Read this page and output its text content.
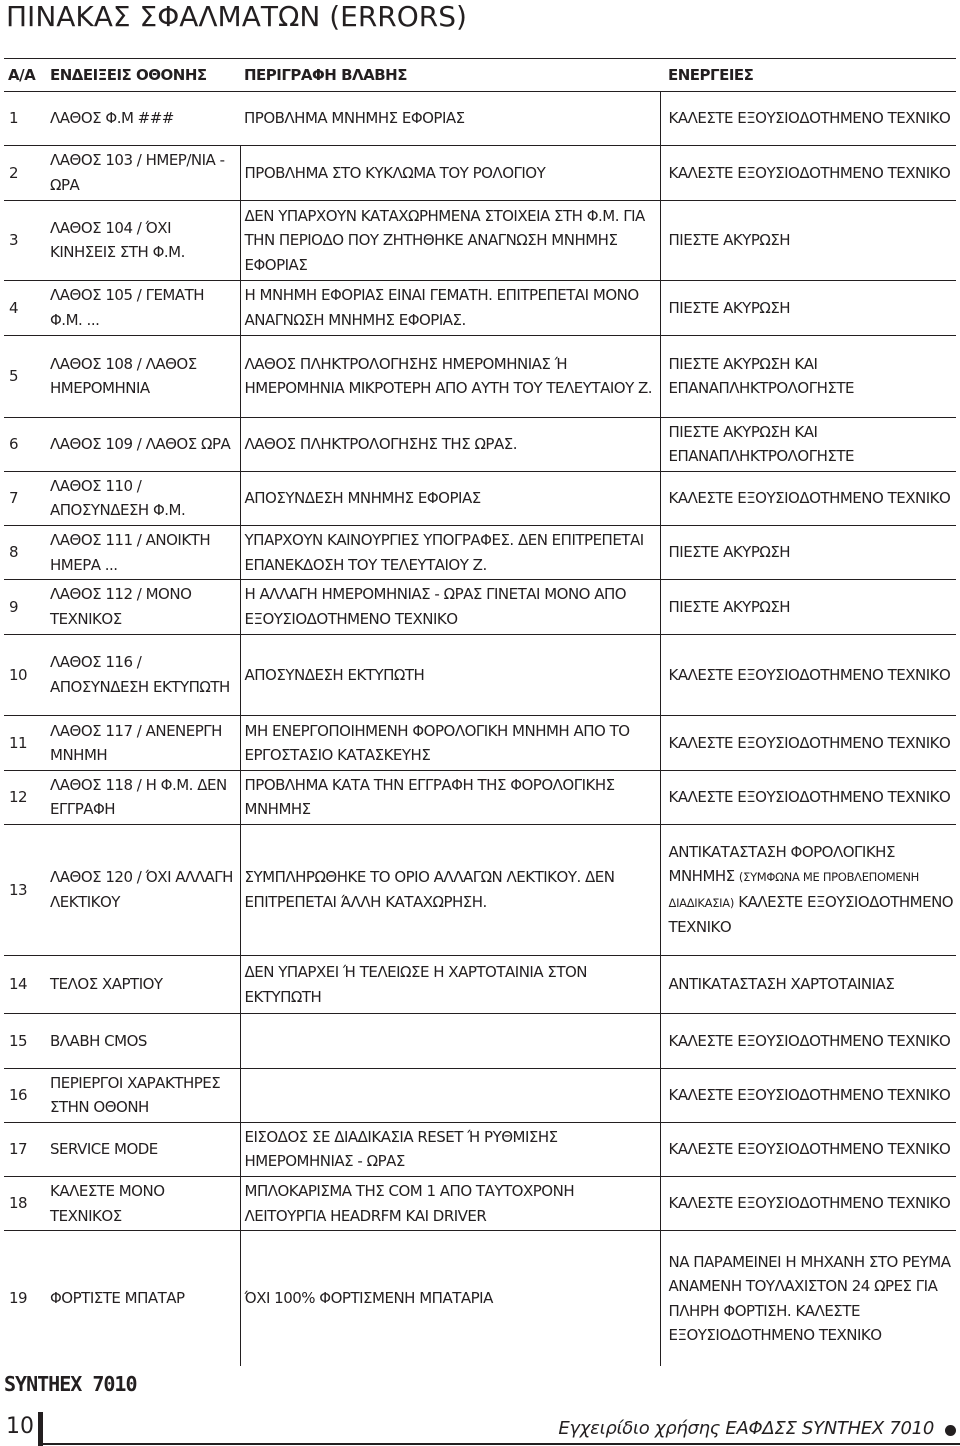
ΠΙΝΑΚΑΣ ΣΦΑΛΜΑΤΩΝ (ERRORS)
Α/Α	ΕΝΔΕΙΞΕΙΣ ΟΘΟΝΗΣ	ΠΕΡΙΓΡΑΦΗ ΒΛΑΒΗΣ	ΕΝΕΡΓΕΙΕΣ
1	ΛΑΘΟΣ Φ.Μ ###	ΠΡΟΒΛΗΜΑ ΜΝΗΜΗΣ ΕΦΟΡΙΑΣ	ΚΑΛΕΣΤΕ ΕΞΟΥΣΙΟΔΟΤΗΜΕΝΟ ΤΕΧΝΙΚΟ
2	ΛΑΘΟΣ 103 / ΗΜΕΡ/ΝΙΑ - ΩΡΑ	ΠΡΟΒΛΗΜΑ ΣΤΟ ΚΥΚΛΩΜΑ ΤΟΥ ΡΟΛΟΓΙΟΥ	ΚΑΛΕΣΤΕ ΕΞΟΥΣΙΟΔΟΤΗΜΕΝΟ ΤΕΧΝΙΚΟ
3	ΛΑΘΟΣ 104 / ΌΧΙ ΚΙΝΗΣΕΙΣ ΣΤΗ Φ.Μ.	ΔΕΝ ΥΠΑΡΧΟΥΝ ΚΑΤΑΧΩΡΗΜΕΝΑ ΣΤΟΙΧΕΙΑ ΣΤΗ Φ.Μ. ΓΙΑ ΤΗΝ ΠΕΡΙΟΔΟ ΠΟΥ ΖΗΤΗΘΗΚΕ ΑΝΑΓΝΩΣΗ ΜΝΗΜΗΣ ΕΦΟΡΙΑΣ	ΠΙΕΣΤΕ ΑΚΥΡΩΣΗ
4	ΛΑΘΟΣ 105 / ΓΕΜΑΤΗ Φ.Μ. ...	Η ΜΝΗΜΗ ΕΦΟΡΙΑΣ ΕΙΝΑΙ ΓΕΜΑΤΗ. ΕΠΙΤΡΕΠΕΤΑΙ ΜΟΝΟ ΑΝΑΓΝΩΣΗ ΜΝΗΜΗΣ ΕΦΟΡΙΑΣ.	ΠΙΕΣΤΕ ΑΚΥΡΩΣΗ
5	ΛΑΘΟΣ 108 / ΛΑΘΟΣ ΗΜΕΡΟΜΗΝΙΑ	ΛΑΘΟΣ ΠΛΗΚΤΡΟΛΟΓΗΣΗΣ ΗΜΕΡΟΜΗΝΙΑΣ Ή ΗΜΕΡΟΜΗΝΙΑ ΜΙΚΡΟΤΕΡΗ ΑΠΟ ΑΥΤΗ ΤΟΥ ΤΕΛΕΥΤΑΙΟΥ Ζ.	ΠΙΕΣΤΕ ΑΚΥΡΩΣΗ ΚΑΙ ΕΠΑΝΑΠΛΗΚΤΡΟΛΟΓΗΣΤΕ
6	ΛΑΘΟΣ 109 / ΛΑΘΟΣ ΩΡΑ	ΛΑΘΟΣ ΠΛΗΚΤΡΟΛΟΓΗΣΗΣ ΤΗΣ ΩΡΑΣ.	ΠΙΕΣΤΕ ΑΚΥΡΩΣΗ ΚΑΙ ΕΠΑΝΑΠΛΗΚΤΡΟΛΟΓΗΣΤΕ
7	ΛΑΘΟΣ 110 / ΑΠΟΣΥΝΔΕΣΗ Φ.Μ.	ΑΠΟΣΥΝΔΕΣΗ ΜΝΗΜΗΣ ΕΦΟΡΙΑΣ	ΚΑΛΕΣΤΕ ΕΞΟΥΣΙΟΔΟΤΗΜΕΝΟ ΤΕΧΝΙΚΟ
8	ΛΑΘΟΣ 111 / ΑΝΟΙΚΤΗ ΗΜΕΡΑ ...	ΥΠΑΡΧΟΥΝ ΚΑΙΝΟΥΡΓΙΕΣ ΥΠΟΓΡΑΦΕΣ. ΔΕΝ ΕΠΙΤΡΕΠΕΤΑΙ ΕΠΑΝΕΚΔΟΣΗ ΤΟΥ ΤΕΛΕΥΤΑΙΟΥ Ζ.	ΠΙΕΣΤΕ ΑΚΥΡΩΣΗ
9	ΛΑΘΟΣ 112 / ΜΟΝΟ ΤΕΧΝΙΚΟΣ	Η ΑΛΛΑΓΗ ΗΜΕΡΟΜΗΝΙΑΣ - ΩΡΑΣ ΓΙΝΕΤΑΙ ΜΟΝΟ ΑΠΟ ΕΞΟΥΣΙΟΔΟΤΗΜΕΝΟ ΤΕΧΝΙΚΟ	ΠΙΕΣΤΕ ΑΚΥΡΩΣΗ
10	ΛΑΘΟΣ 116 / ΑΠΟΣΥΝΔΕΣΗ ΕΚΤΥΠΩΤΗ	ΑΠΟΣΥΝΔΕΣΗ ΕΚΤΥΠΩΤΗ	ΚΑΛΕΣΤΕ ΕΞΟΥΣΙΟΔΟΤΗΜΕΝΟ ΤΕΧΝΙΚΟ
11	ΛΑΘΟΣ 117 / ΑΝΕΝΕΡΓΗ ΜΝΗΜΗ	ΜΗ ΕΝΕΡΓΟΠΟΙΗΜΕΝΗ ΦΟΡΟΛΟΓΙΚΗ ΜΝΗΜΗ ΑΠΟ ΤΟ ΕΡΓΟΣΤΑΣΙΟ ΚΑΤΑΣΚΕΥΗΣ	ΚΑΛΕΣΤΕ ΕΞΟΥΣΙΟΔΟΤΗΜΕΝΟ ΤΕΧΝΙΚΟ
12	ΛΑΘΟΣ 118 / Η Φ.Μ. ΔΕΝ ΕΓΓΡΑΦΗ	ΠΡΟΒΛΗΜΑ ΚΑΤΑ ΤΗΝ ΕΓΓΡΑΦΗ ΤΗΣ ΦΟΡΟΛΟΓΙΚΗΣ ΜΝΗΜΗΣ	ΚΑΛΕΣΤΕ ΕΞΟΥΣΙΟΔΟΤΗΜΕΝΟ ΤΕΧΝΙΚΟ
13	ΛΑΘΟΣ 120 / ΌΧΙ ΑΛΛΑΓΗ ΛΕΚΤΙΚΟΥ	ΣΥΜΠΛΗΡΩΘΗΚΕ ΤΟ ΟΡΙΟ ΑΛΛΑΓΩΝ ΛΕΚΤΙΚΟΥ. ΔΕΝ ΕΠΙΤΡΕΠΕΤΑΙ ΆΛΛΗ ΚΑΤΑΧΩΡΗΣΗ.	ΑΝΤΙΚΑΤΑΣΤΑΣΗ ΦΟΡΟΛΟΓΙΚΗΣ ΜΝΗΜΗΣ (ΣΥΜΦΩΝΑ ΜΕ ΠΡΟΒΛΕΠΟΜΕΝΗ ΔΙΑΔΙΚΑΣΙΑ) ΚΑΛΕΣΤΕ ΕΞΟΥΣΙΟΔΟΤΗΜΕΝΟ ΤΕΧΝΙΚΟ
14	ΤΕΛΟΣ ΧΑΡΤΙΟΥ	ΔΕΝ ΥΠΑΡΧΕΙ Ή ΤΕΛΕΙΩΣΕ Η ΧΑΡΤΟΤΑΙΝΙΑ ΣΤΟΝ ΕΚΤΥΠΩΤΗ	ΑΝΤΙΚΑΤΑΣΤΑΣΗ ΧΑΡΤΟΤΑΙΝΙΑΣ
15	ΒΛΑΒΗ CMOS		ΚΑΛΕΣΤΕ ΕΞΟΥΣΙΟΔΟΤΗΜΕΝΟ ΤΕΧΝΙΚΟ
16	ΠΕΡΙΕΡΓΟΙ ΧΑΡΑΚΤΗΡΕΣ ΣΤΗΝ ΟΘΟΝΗ		ΚΑΛΕΣΤΕ ΕΞΟΥΣΙΟΔΟΤΗΜΕΝΟ ΤΕΧΝΙΚΟ
17	SERVICE MODE	ΕΙΣΟΔΟΣ ΣΕ ΔΙΑΔΙΚΑΣΙΑ RESET Ή ΡΥΘΜΙΣΗΣ ΗΜΕΡΟΜΗΝΙΑΣ - ΩΡΑΣ	ΚΑΛΕΣΤΕ ΕΞΟΥΣΙΟΔΟΤΗΜΕΝΟ ΤΕΧΝΙΚΟ
18	ΚΑΛΕΣΤΕ ΜΟΝΟ ΤΕΧΝΙΚΟΣ	ΜΠΛΟΚΑΡΙΣΜΑ ΤΗΣ COM 1 ΑΠΟ ΤΑΥΤΟΧΡΟΝΗ ΛΕΙΤΟΥΡΓΙΑ HEADRFM ΚΑΙ DRIVER	ΚΑΛΕΣΤΕ ΕΞΟΥΣΙΟΔΟΤΗΜΕΝΟ ΤΕΧΝΙΚΟ
19	ΦΟΡΤΙΣΤΕ ΜΠΑΤΑΡ	ΌΧΙ 100% ΦΟΡΤΙΣΜΕΝΗ ΜΠΑΤΑΡΙΑ	ΝΑ ΠΑΡΑΜΕΙΝΕΙ Η ΜΗΧΑΝΗ ΣΤΟ ΡΕΥΜΑ ΑΝΑΜΕΝΗ ΤΟΥΛΑΧΙΣΤΟΝ 24 ΩΡΕΣ ΓΙΑ ΠΛΗΡΗ ΦΟΡΤΙΣΗ. ΚΑΛΕΣΤΕ ΕΞΟΥΣΙΟΔΟΤΗΜΕΝΟ ΤΕΧΝΙΚΟ
SYNTHEX 7010
10	Εγχειρίδιο χρήσης ΕΑΦΔΣΣ SYNTHEX 7010
